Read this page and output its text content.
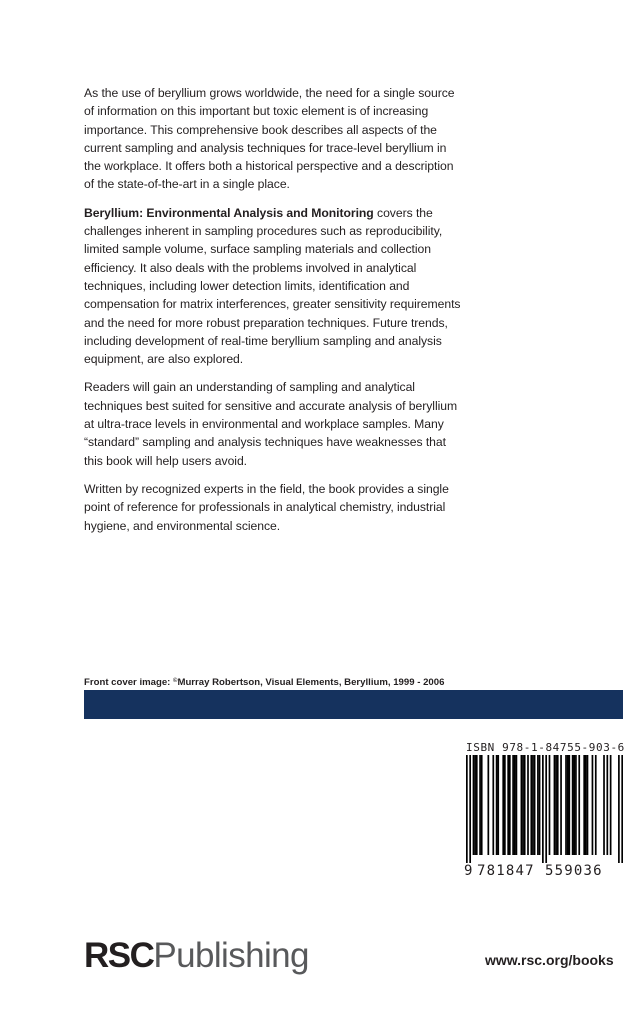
As the use of beryllium grows worldwide, the need for a single source of information on this important but toxic element is of increasing importance. This comprehensive book describes all aspects of the current sampling and analysis techniques for trace-level beryllium in the workplace. It offers both a historical perspective and a description of the state-of-the-art in a single place.

Beryllium: Environmental Analysis and Monitoring covers the challenges inherent in sampling procedures such as reproducibility, limited sample volume, surface sampling materials and collection efficiency. It also deals with the problems involved in analytical techniques, including lower detection limits, identification and compensation for matrix interferences, greater sensitivity requirements and the need for more robust preparation techniques. Future trends, including development of real-time beryllium sampling and analysis equipment, are also explored.

Readers will gain an understanding of sampling and analytical techniques best suited for sensitive and accurate analysis of beryllium at ultra-trace levels in environmental and workplace samples. Many “standard” sampling and analysis techniques have weaknesses that this book will help users avoid.

Written by recognized experts in the field, the book provides a single point of reference for professionals in analytical chemistry, industrial hygiene, and environmental science.

Front cover image: ©Murray Robertson, Visual Elements, Beryllium, 1999 - 2006
ISBN 978-1-84755-903-6
9 781847 559036
RSCPublishing	www.rsc.org/books
